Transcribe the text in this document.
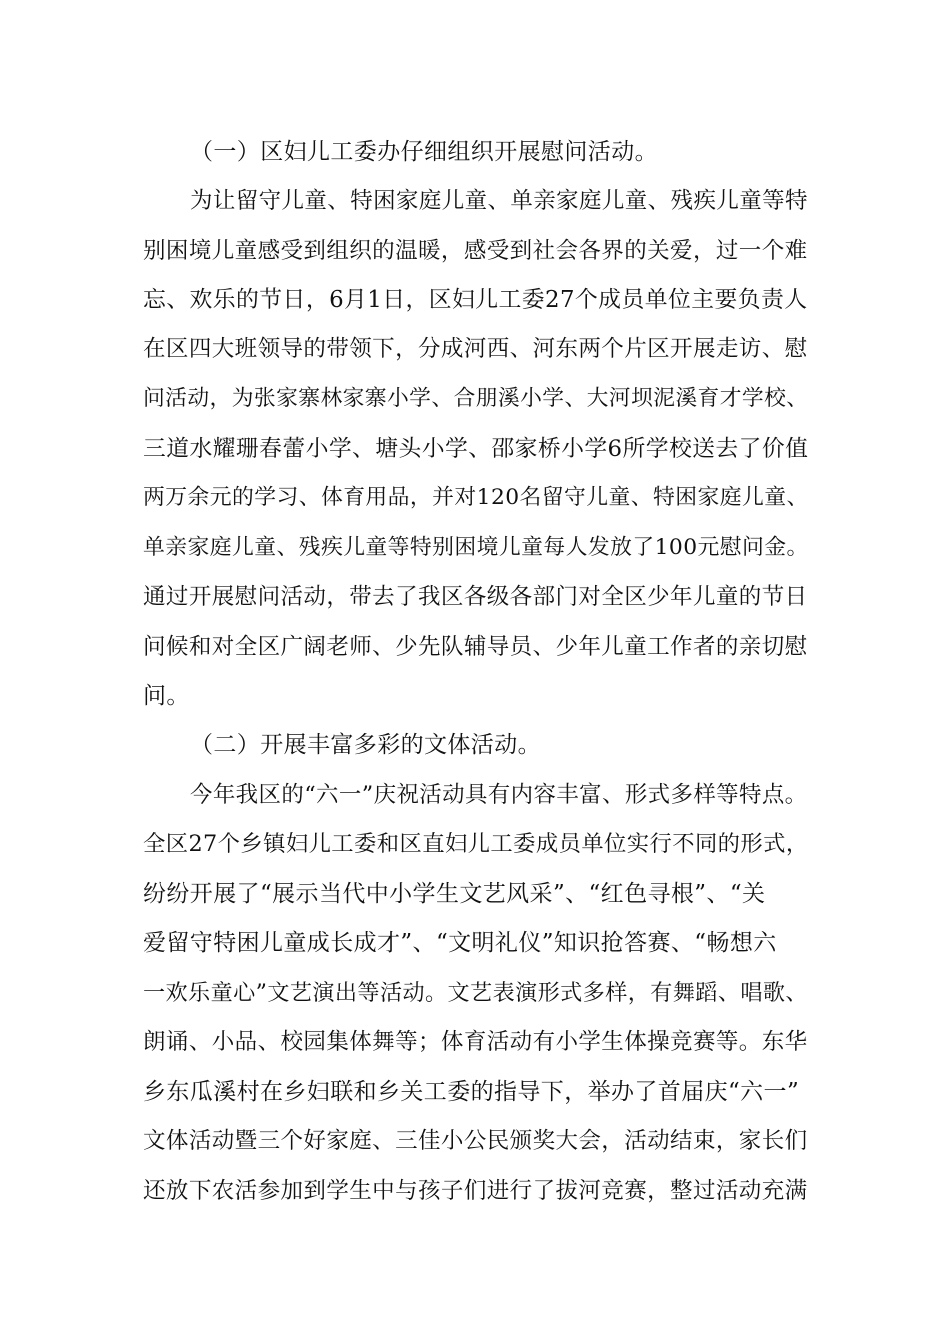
（一）区妇儿工委办仔细组织开展慰问活动。
为让留守儿童、特困家庭儿童、单亲家庭儿童、残疾儿童等特
别困境儿童感受到组织的温暖，感受到社会各界的关爱，过一个难
忘、欢乐的节日，6月1日，区妇儿工委27个成员单位主要负责人
在区四大班领导的带领下，分成河西、河东两个片区开展走访、慰
问活动，为张家寨林家寨小学、合朋溪小学、大河坝泥溪育才学校、
三道水耀珊春蕾小学、塘头小学、邵家桥小学6所学校送去了价值
两万余元的学习、体育用品，并对120名留守儿童、特困家庭儿童、
单亲家庭儿童、残疾儿童等特别困境儿童每人发放了100元慰问金。
通过开展慰问活动，带去了我区各级各部门对全区少年儿童的节日
问候和对全区广阔老师、少先队辅导员、少年儿童工作者的亲切慰
问。
（二）开展丰富多彩的文体活动。
今年我区的“六一”庆祝活动具有内容丰富、形式多样等特点。
全区27个乡镇妇儿工委和区直妇儿工委成员单位实行不同的形式，
纷纷开展了“展示当代中小学生文艺风采”、“红色寻根”、“关
爱留守特困儿童成长成才”、“文明礼仪”知识抢答赛、“畅想六
一欢乐童心”文艺演出等活动。文艺表演形式多样，有舞蹈、唱歌、
朗诵、小品、校园集体舞等；体育活动有小学生体操竞赛等。东华
乡东瓜溪村在乡妇联和乡关工委的指导下，举办了首届庆“六一”
文体活动暨三个好家庭、三佳小公民颁奖大会，活动结束，家长们
还放下农活参加到学生中与孩子们进行了拔河竞赛，整过活动充满
